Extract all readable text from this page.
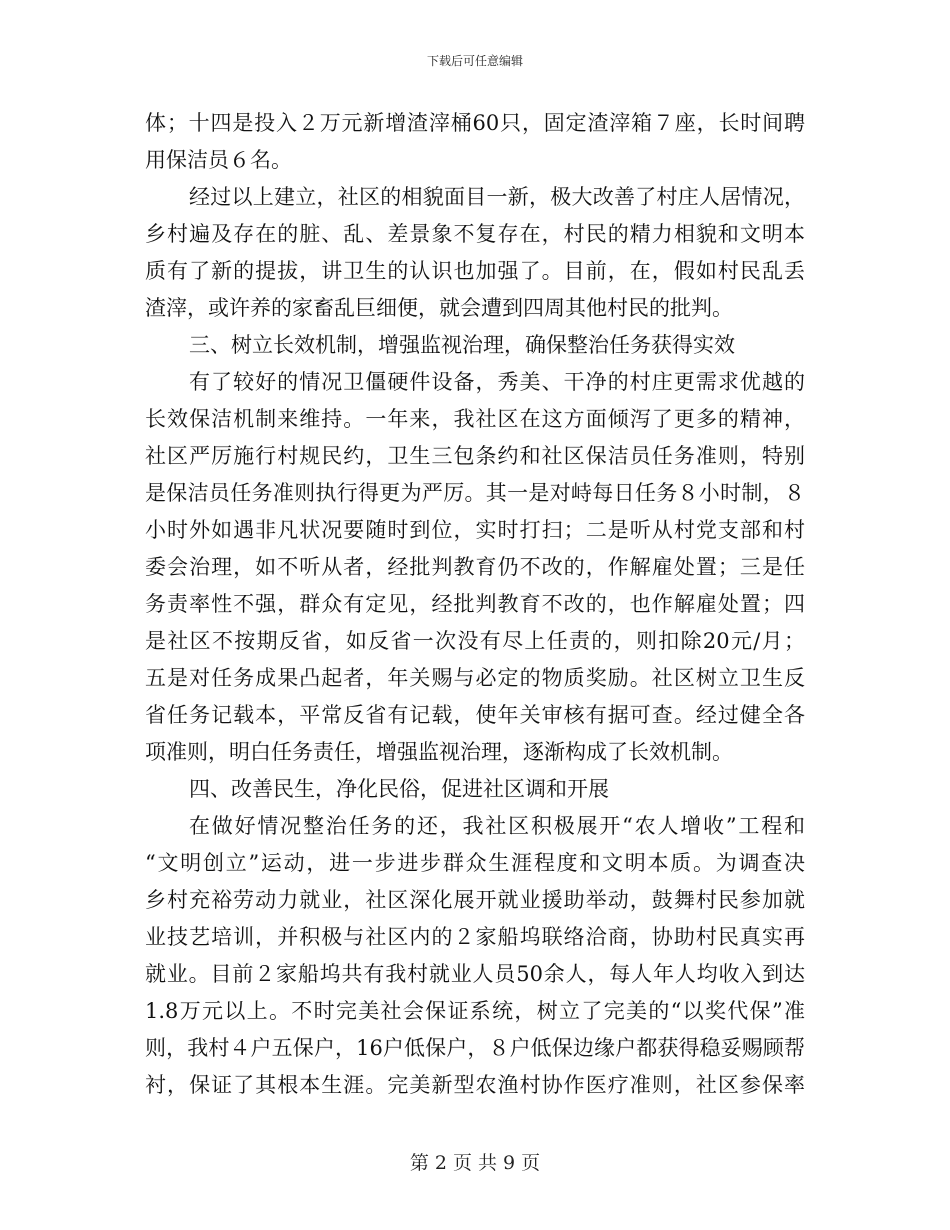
下载后可任意编辑
体；十四是投入２万元新增渣滓桶60只，固定渣滓箱７座，长时间聘
用保洁员６名。
经过以上建立，社区的相貌面目一新，极大改善了村庄人居情况，
乡村遍及存在的脏、乱、差景象不复存在，村民的精力相貌和文明本
质有了新的提拔，讲卫生的认识也加强了。目前，在，假如村民乱丢
渣滓，或许养的家畜乱巨细便，就会遭到四周其他村民的批判。
三、树立长效机制，增强监视治理，确保整治任务获得实效
有了较好的情况卫僵硬件设备，秀美、干净的村庄更需求优越的
长效保洁机制来维持。一年来，我社区在这方面倾泻了更多的精神，
社区严厉施行村规民约，卫生三包条约和社区保洁员任务准则，特别
是保洁员任务准则执行得更为严厉。其一是对峙每日任务８小时制，８
小时外如遇非凡状况要随时到位，实时打扫；二是听从村党支部和村
委会治理，如不听从者，经批判教育仍不改的，作解雇处置；三是任
务责率性不强，群众有定见，经批判教育不改的，也作解雇处置；四
是社区不按期反省，如反省一次没有尽上任责的，则扣除20元/月；
五是对任务成果凸起者，年关赐与必定的物质奖励。社区树立卫生反
省任务记载本，平常反省有记载，使年关审核有据可查。经过健全各
项准则，明白任务责任，增强监视治理，逐渐构成了长效机制。
四、改善民生，净化民俗，促进社区调和开展
在做好情况整治任务的还，我社区积极展开“农人增收”工程和
“文明创立”运动，进一步进步群众生涯程度和文明本质。为调查决
乡村充裕劳动力就业，社区深化展开就业援助举动，鼓舞村民参加就
业技艺培训，并积极与社区内的２家船坞联络洽商，协助村民真实再
就业。目前２家船坞共有我村就业人员50余人，每人年人均收入到达
1.8万元以上。不时完美社会保证系统，树立了完美的“以奖代保”准
则，我村４户五保户，16户低保户，８户低保边缘户都获得稳妥赐顾帮
衬，保证了其根本生涯。完美新型农渔村协作医疗准则，社区参保率
第 2 页 共 9 页
